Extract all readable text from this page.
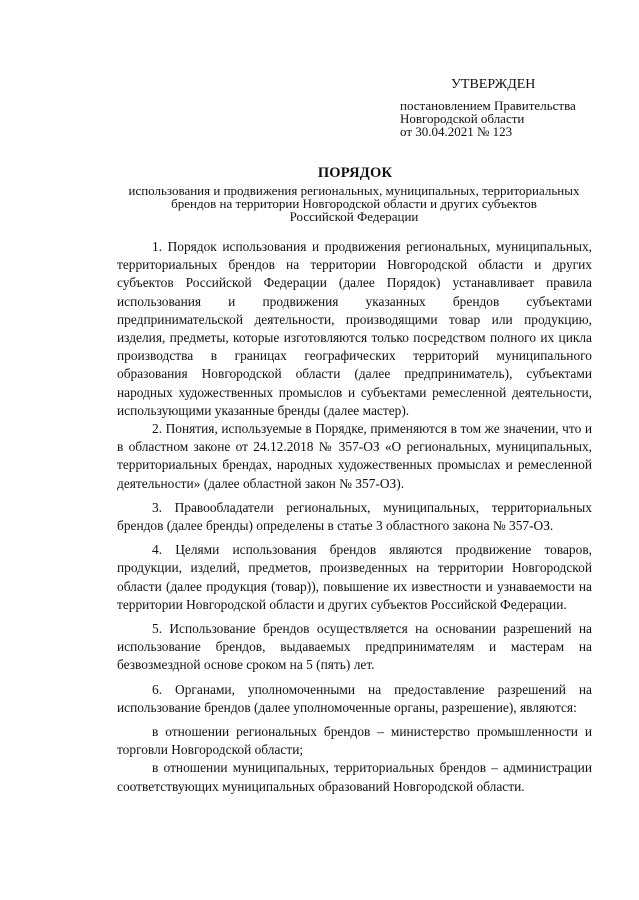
УТВЕРЖДЕН
постановлением Правительства
Новгородской области
от 30.04.2021 № 123
ПОРЯДОК
использования и продвижения региональных, муниципальных, территориальных
брендов на территории Новгородской области и других субъектов
Российской Федерации

1. Порядок использования и продвижения региональных, муниципальных, территориальных брендов на территории Новгородской области и других субъектов Российской Федерации (далее Порядок) устанавливает правила использования и продвижения указанных брендов субъектами предпринимательской деятельности, производящими товар или продукцию, изделия, предметы, которые изготовляются только посредством полного их цикла производства в границах географических территорий муниципального образования Новгородской области (далее предприниматель), субъектами народных художественных промыслов и субъектами ремесленной деятельности, использующими указанные бренды (далее мастер).

2. Понятия, используемые в Порядке, применяются в том же значении, что и в областном законе от 24.12.2018 № 357-ОЗ «О региональных, муниципальных, территориальных брендах, народных художественных промыслах и ремесленной деятельности» (далее областной закон № 357-ОЗ).

3. Правообладатели региональных, муниципальных, территориальных брендов (далее бренды) определены в статье 3 областного закона № 357-ОЗ.

4. Целями использования брендов являются продвижение товаров, продукции, изделий, предметов, произведенных на территории Новгородской области (далее продукция (товар)), повышение их известности и узнаваемости на территории Новгородской области и других субъектов Российской Федерации.

5. Использование брендов осуществляется на основании разрешений на использование брендов, выдаваемых предпринимателям и мастерам на безвозмездной основе сроком на 5 (пять) лет.

6. Органами, уполномоченными на предоставление разрешений на использование брендов (далее уполномоченные органы, разрешение), являются:

в отношении региональных брендов – министерство промышленности и торговли Новгородской области;

в отношении муниципальных, территориальных брендов – администрации соответствующих муниципальных образований Новгородской области.
